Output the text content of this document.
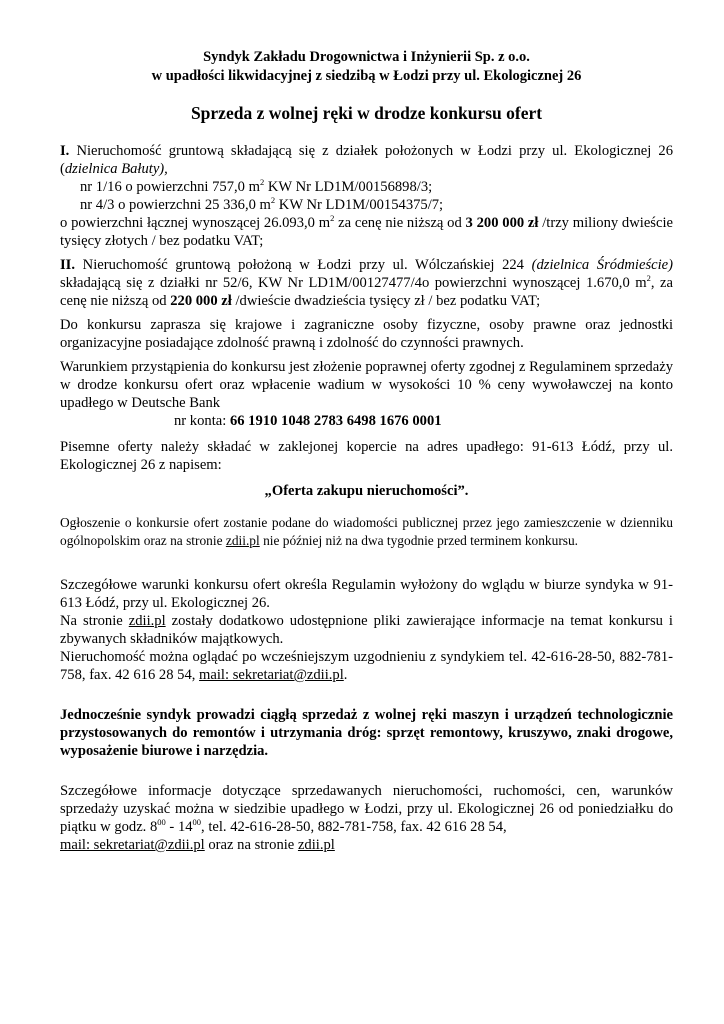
Syndyk Zakładu Drogownictwa i Inżynierii Sp. z o.o.
w upadłości likwidacyjnej z siedzibą w Łodzi przy ul. Ekologicznej 26
Sprzeda z wolnej ręki w drodze konkursu ofert

I. Nieruchomość gruntową składającą się z działek położonych w Łodzi przy ul. Ekologicznej 26 (dzielnica Bałuty),

nr 1/16 o powierzchni 757,0 $m^2$ KW Nr LD1M/00156898/3;

nr 4/3 o powierzchni 25 336,0 $m^2$ KW Nr LD1M/00154375/7;

o powierzchni łącznej wynoszącej 26.093,0 $m^2$ za cenę nie niższą od 3 200 000 zł /trzy miliony dwieście tysięcy złotych / bez podatku VAT;

II. Nieruchomość gruntową położoną w Łodzi przy ul. Wólczańskiej 224 (dzielnica Śródmieście) składającą się z działki nr 52/6, KW Nr LD1M/00127477/4o powierzchni wynoszącej 1.670,0 $m^2$, za cenę nie niższą od 220 000 zł /dwieście dwadzieścia tysięcy zł / bez podatku VAT;

Do konkursu zaprasza się krajowe i zagraniczne osoby fizyczne, osoby prawne oraz jednostki organizacyjne posiadające zdolność prawną i zdolność do czynności prawnych.

Warunkiem przystąpienia do konkursu jest złożenie poprawnej oferty zgodnej z Regulaminem sprzedaży w drodze konkursu ofert oraz wpłacenie wadium w wysokości 10 % ceny wywoławczej na konto upadłego w Deutsche Bank

nr konta: 66 1910 1048 2783 6498 1676 0001

Pisemne oferty należy składać w zaklejonej kopercie na adres upadłego: 91-613 Łódź, przy ul. Ekologicznej 26 z napisem:

„Oferta zakupu nieruchomości”.

Ogłoszenie o konkursie ofert zostanie podane do wiadomości publicznej przez jego zamieszczenie w dzienniku ogólnopolskim oraz na stronie zdii.pl nie później niż na dwa tygodnie przed terminem konkursu.

Szczegółowe warunki konkursu ofert określa Regulamin wyłożony do wglądu w biurze syndyka w 91-613 Łódź, przy ul. Ekologicznej 26.

Na stronie zdii.pl zostały dodatkowo udostępnione pliki zawierające informacje na temat konkursu i zbywanych składników majątkowych.

Nieruchomość można oglądać po wcześniejszym uzgodnieniu z syndykiem tel. 42-616-28-50, 882-781-758, fax. 42 616 28 54, mail: sekretariat@zdii.pl.

Jednocześnie syndyk prowadzi ciągłą sprzedaż z wolnej ręki maszyn i urządzeń technologicznie przystosowanych do remontów i utrzymania dróg: sprzęt remontowy, kruszywo, znaki drogowe, wyposażenie biurowe i narzędzia.

Szczegółowe informacje dotyczące sprzedawanych nieruchomości, ruchomości, cen, warunków sprzedaży uzyskać można w siedzibie upadłego w Łodzi, przy ul. Ekologicznej 26 od poniedziałku do piątku w godz. $8^{00} - 14^{00}$, tel. 42-616-28-50, 882-781-758, fax. 42 616 28 54,
mail: sekretariat@zdii.pl oraz na stronie zdii.pl
